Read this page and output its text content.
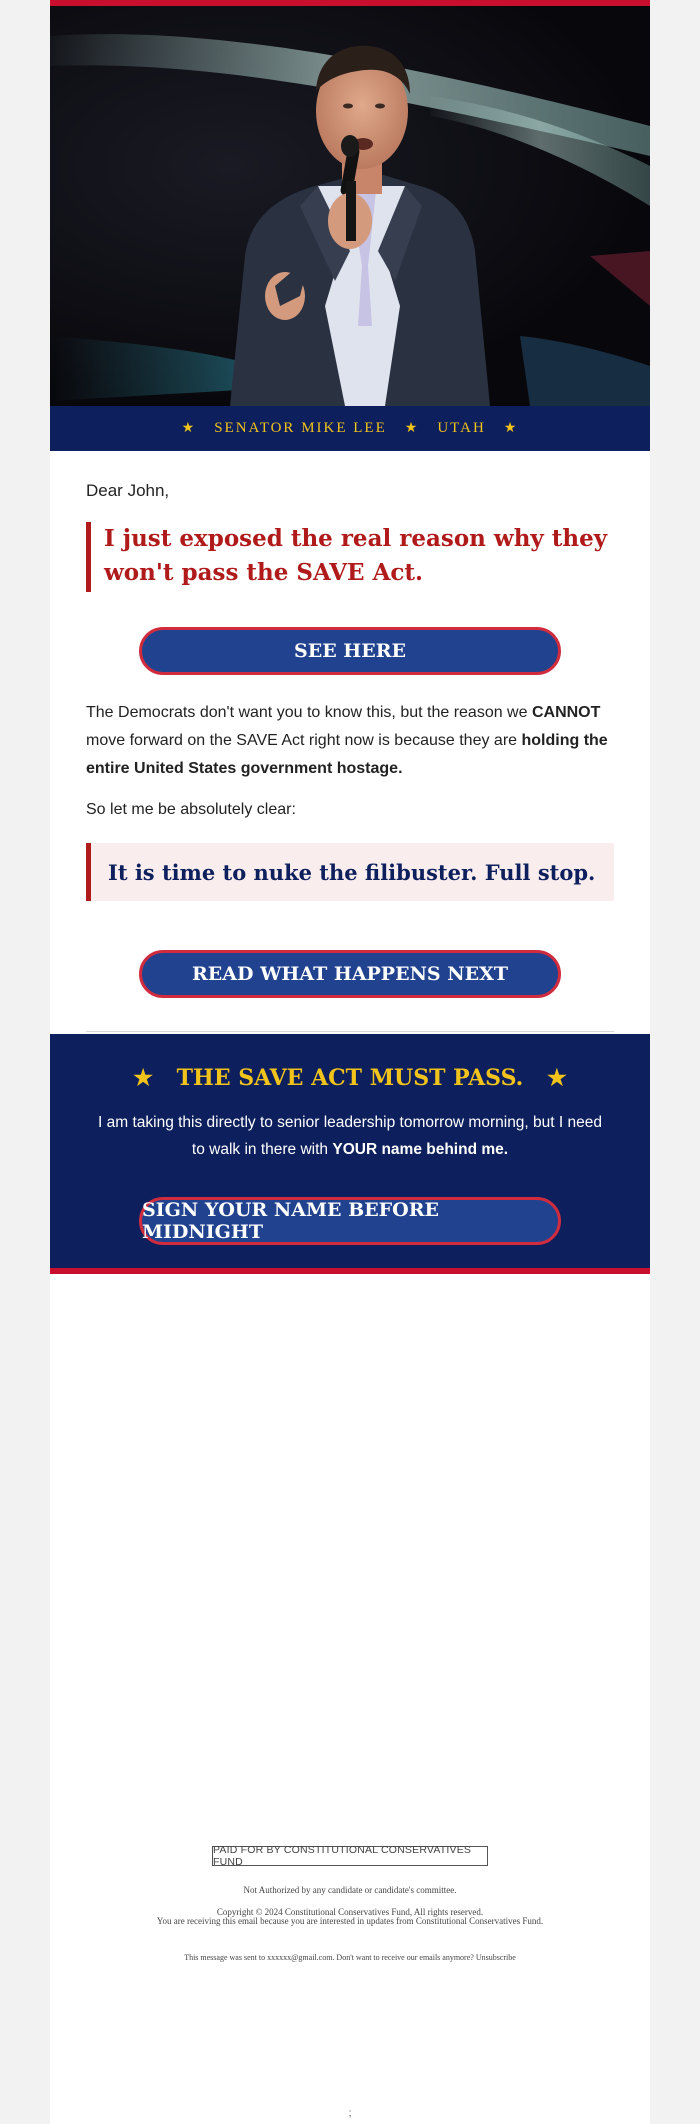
★ SENATOR MIKE LEE ★ UTAH ★
Dear John,
I just exposed the real reason why they won't pass the SAVE Act.
SEE HERE
The Democrats don't want you to know this, but the reason we CANNOT move forward on the SAVE Act right now is because they are holding the entire United States government hostage.
So let me be absolutely clear:
It is time to nuke the filibuster. Full stop.
READ WHAT HAPPENS NEXT
★ THE SAVE ACT MUST PASS. ★
I am taking this directly to senior leadership tomorrow morning, but I need to walk in there with YOUR name behind me.
SIGN YOUR NAME BEFORE MIDNIGHT
PAID FOR BY CONSTITUTIONAL CONSERVATIVES FUND
Not Authorized by any candidate or candidate's committee.
Copyright © 2024 Constitutional Conservatives Fund, All rights reserved.
You are receiving this email because you are interested in updates from Constitutional Conservatives Fund.
This message was sent to xxxxxx@gmail.com. Don't want to receive our emails anymore? Unsubscribe
;
